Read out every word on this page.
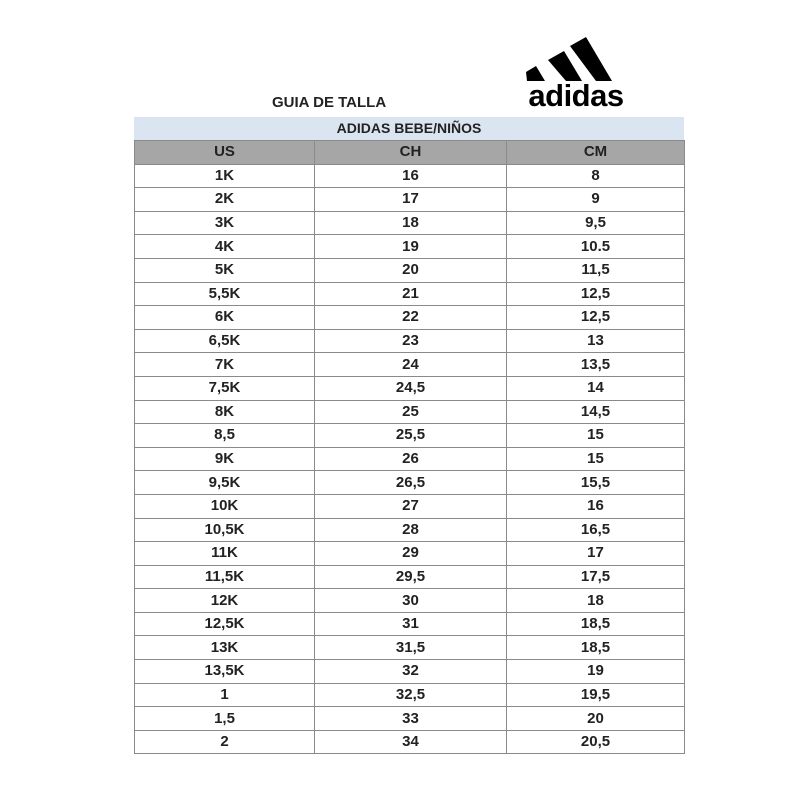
GUIA DE TALLA	adidas
ADIDAS BEBE/NIÑOS
US	CH	CM
1K	16	8
2K	17	9
3K	18	9,5
4K	19	10.5
5K	20	11,5
5,5K	21	12,5
6K	22	12,5
6,5K	23	13
7K	24	13,5
7,5K	24,5	14
8K	25	14,5
8,5	25,5	15
9K	26	15
9,5K	26,5	15,5
10K	27	16
10,5K	28	16,5
11K	29	17
11,5K	29,5	17,5
12K	30	18
12,5K	31	18,5
13K	31,5	18,5
13,5K	32	19
1	32,5	19,5
1,5	33	20
2	34	20,5
